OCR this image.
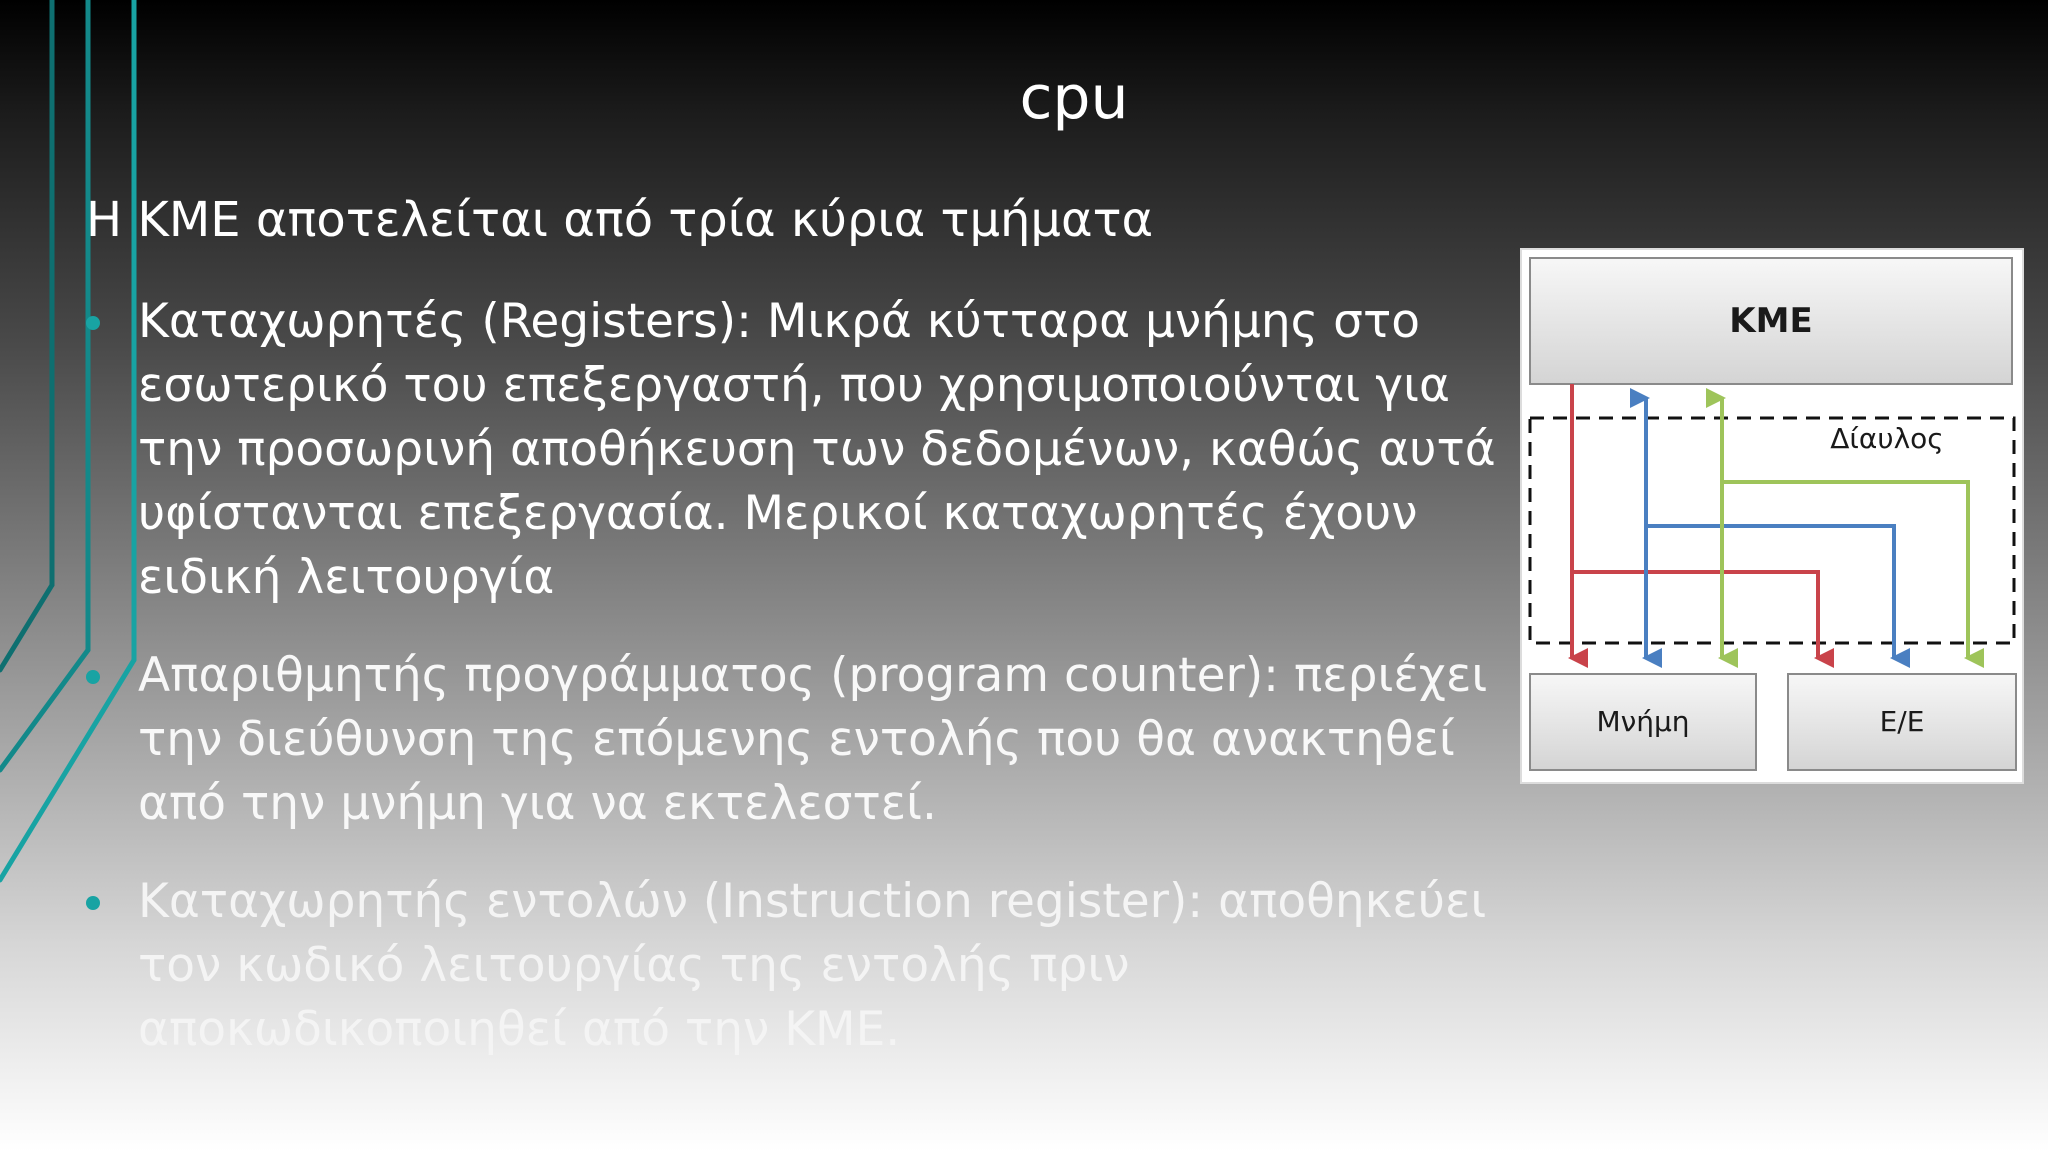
cpu
Η ΚΜΕ αποτελείται από τρία κύρια τμήματα
Καταχωρητές (Registers): Μικρά κύτταρα μνήμης στο εσωτερικό του επεξεργαστή, που χρησιμοποιούνται για την προσωρινή αποθήκευση των δεδομένων, καθώς αυτά υφίστανται επεξεργασία. Μερικοί καταχωρητές έχουν ειδική λειτουργία
Απαριθμητής προγράμματος (program counter): περιέχει την διεύθυνση της επόμενης εντολής που θα ανακτηθεί από την μνήμη για να εκτελεστεί.
Καταχωρητής εντολών (Instruction register): αποθηκεύει τον κωδικό λειτουργίας της εντολής πριν αποκωδικοποιηθεί από την ΚΜΕ.
ΚΜΕ
Δίαυλος
Μνήμη	Ε/Ε
